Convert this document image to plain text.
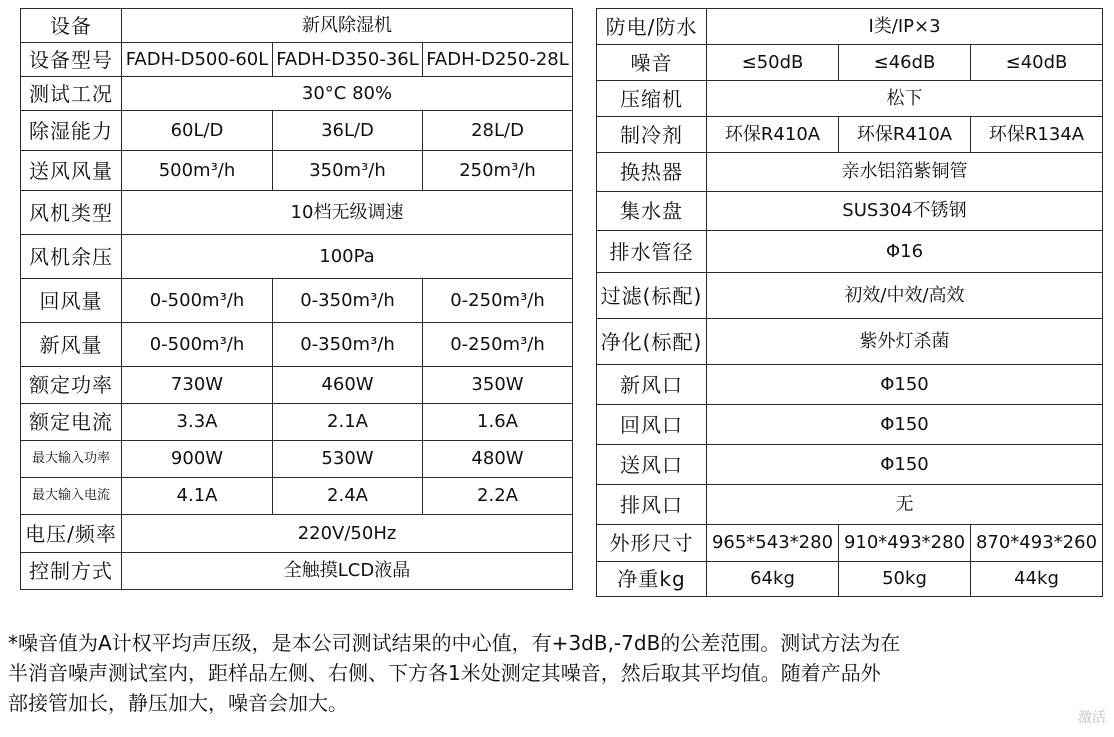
设备	新风除湿机		
设备型号	FADH-D500-60L	FADH-D350-36L	FADH-D250-28L
测试工况	30°C 80%		
除湿能力	60L/D	36L/D	28L/D
送风风量	500m³/h	350m³/h	250m³/h
风机类型	10档无级调速		
风机余压	100Pa		
回风量	0-500m³/h	0-350m³/h	0-250m³/h
新风量	0-500m³/h	0-350m³/h	0-250m³/h
额定功率	730W	460W	350W
额定电流	3.3A	2.1A	1.6A
最大输入功率	900W	530W	480W
最大输入电流	4.1A	2.4A	2.2A
电压/频率	220V/50Hz		
控制方式	全触摸LCD液晶		
防电/防水	I类/IP×3		
噪音	≤50dB	≤46dB	≤40dB
压缩机	松下		
制冷剂	环保R410A	环保R410A	环保R134A
换热器	亲水铝箔紫铜管		
集水盘	SUS304不锈钢		
排水管径	Φ16		
过滤(标配)	初效/中效/高效		
净化(标配)	紫外灯杀菌		
新风口	Φ150		
回风口	Φ150		
送风口	Φ150		
排风口	无		
外形尺寸	965*543*280	910*493*280	870*493*260
净重kg	64kg	50kg	44kg
*噪音值为A计权平均声压级，是本公司测试结果的中心值，有+3dB,-7dB的公差范围。测试方法为在
半消音噪声测试室内，距样品左侧、右侧、下方各1米处测定其噪音，然后取其平均值。随着产品外
部接管加长，静压加大，噪音会加大。
激活
